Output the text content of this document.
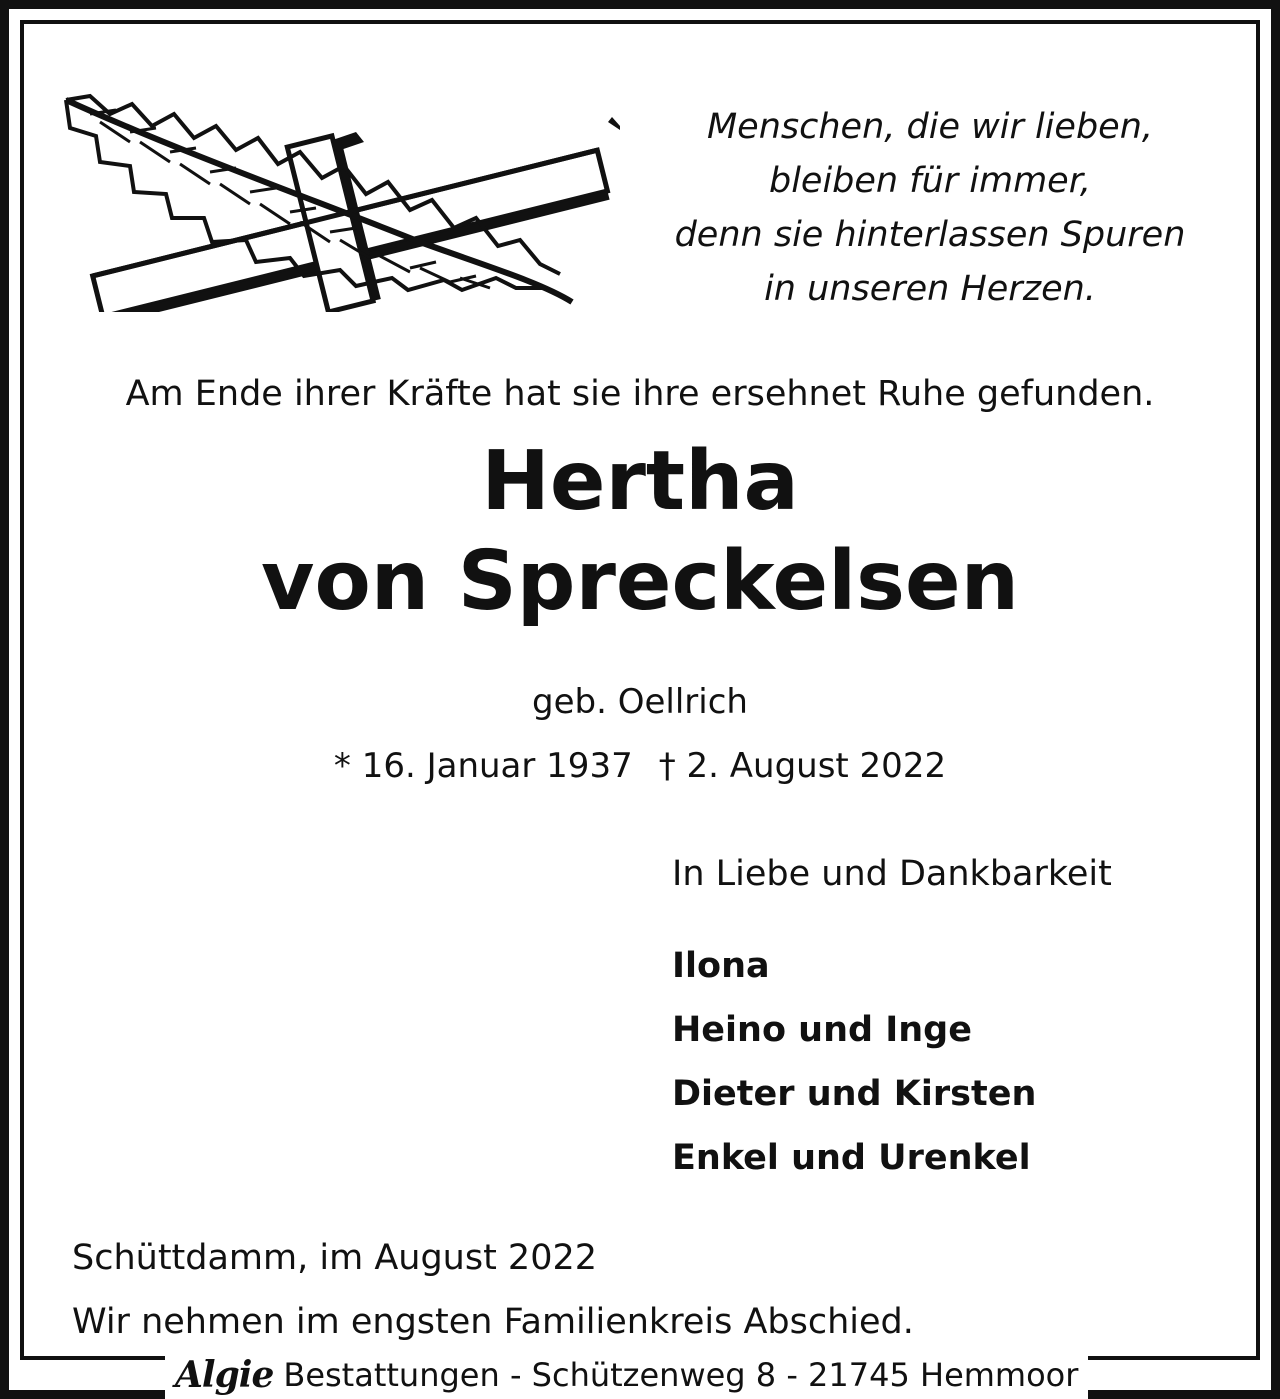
Menschen, die wir lieben,
bleiben für immer,
denn sie hinterlassen Spuren
in unseren Herzen.
Am Ende ihrer Kräfte hat sie ihre ersehnet Ruhe gefunden.
Hertha
von Spreckelsen
geb. Oellrich
* 16. Januar 1937 † 2. August 2022
In Liebe und Dankbarkeit
Ilona
Heino und Inge
Dieter und Kirsten
Enkel und Urenkel
Schüttdamm, im August 2022
Wir nehmen im engsten Familienkreis Abschied.
Algie Bestattungen - Schützenweg 8 - 21745 Hemmoor
